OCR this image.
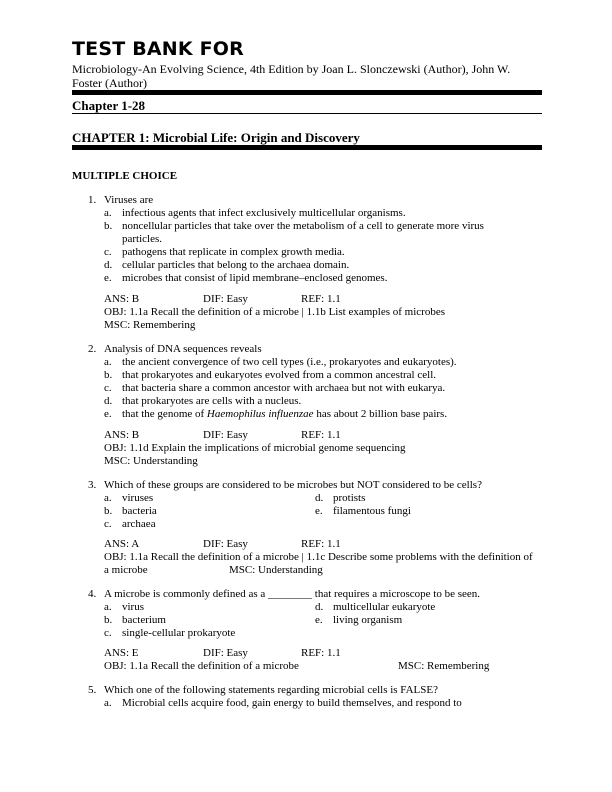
TEST BANK FOR

Microbiology-An Evolving Science, 4th Edition by Joan L. Slonczewski (Author), John W. Foster (Author)

Chapter 1-28

CHAPTER 1: Microbial Life: Origin and Discovery

MULTIPLE CHOICE

1. Viruses are
a. infectious agents that infect exclusively multicellular organisms.
b. noncellular particles that take over the metabolism of a cell to generate more virus particles.
c. pathogens that replicate in complex growth media.
d. cellular particles that belong to the archaea domain.
e. microbes that consist of lipid membrane–enclosed genomes.
ANS: B	DIF: Easy	REF: 1.1
OBJ: 1.1a Recall the definition of a microbe | 1.1b List examples of microbes
MSC: Remembering
2. Analysis of DNA sequences reveals
a. the ancient convergence of two cell types (i.e., prokaryotes and eukaryotes).
b. that prokaryotes and eukaryotes evolved from a common ancestral cell.
c. that bacteria share a common ancestor with archaea but not with eukarya.
d. that prokaryotes are cells with a nucleus.
e. that the genome of Haemophilus influenzae has about 2 billion base pairs.
ANS: B	DIF: Easy	REF: 1.1
OBJ: 1.1d Explain the implications of microbial genome sequencing
MSC: Understanding
3. Which of these groups are considered to be microbes but NOT considered to be cells?
a. viruses
b. bacteria
c. archaea
d. protists
e. filamentous fungi
ANS: A	DIF: Easy	REF: 1.1
OBJ: 1.1a Recall the definition of a microbe | 1.1c Describe some problems with the definition of
a microbe	MSC: Understanding
4. A microbe is commonly defined as a ________ that requires a microscope to be seen.
a. virus
b. bacterium
c. single-cellular prokaryote
d. multicellular eukaryote
e. living organism
ANS: E	DIF: Easy	REF: 1.1
OBJ: 1.1a Recall the definition of a microbe	MSC: Remembering
5. Which one of the following statements regarding microbial cells is FALSE?
a. Microbial cells acquire food, gain energy to build themselves, and respond to
